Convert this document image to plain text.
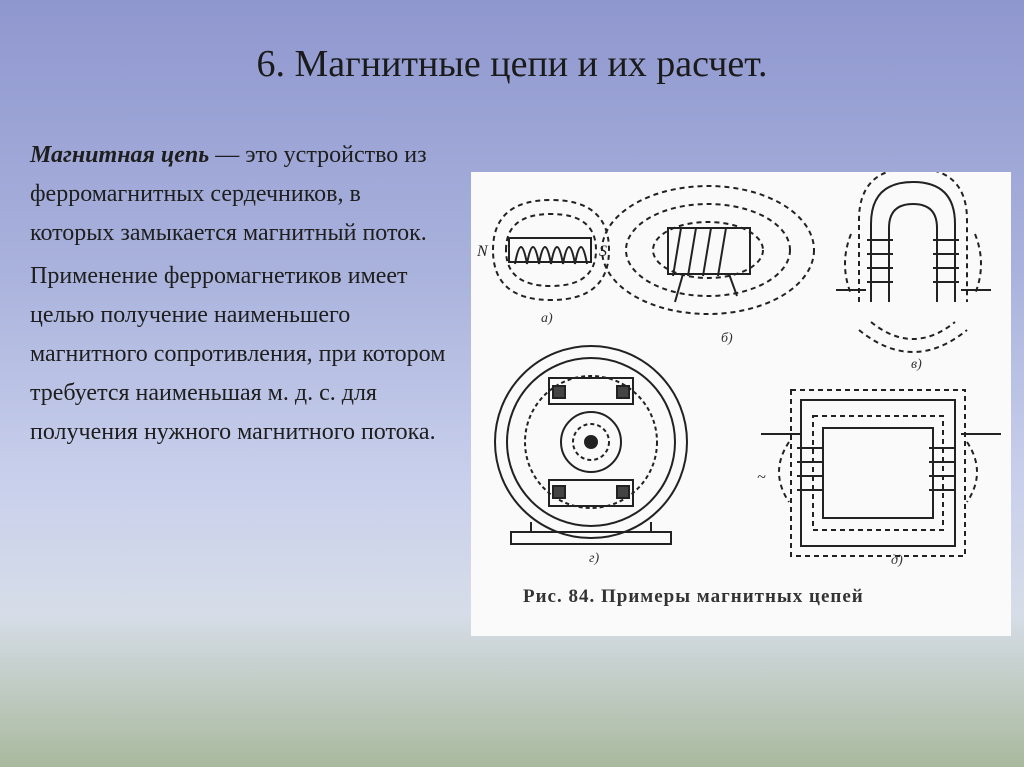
6. Магнитные цепи и их расчет.

Магнитная цепь — это устройство из ферромагнитных сердечников, в которых замыкается магнитный поток.

Применение ферромагнетиков имеет целью получение наименьшего магнитного сопротивления, при котором требуется наименьшая м. д. с. для получения нужного магнитного потока.

N	S
~
а)
б)
в)
г)	д)
Рис. 84. Примеры магнитных цепей
